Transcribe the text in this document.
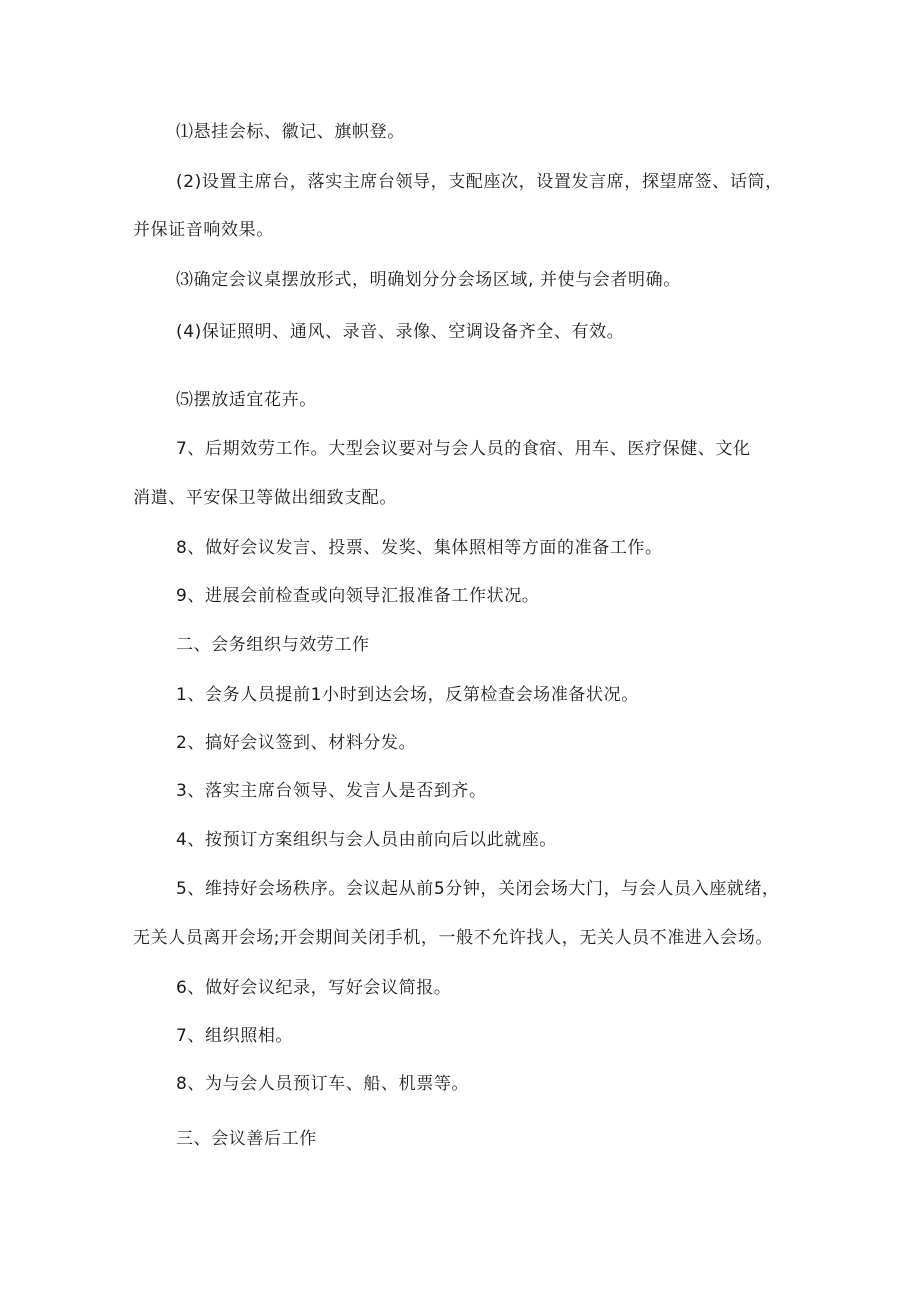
⑴悬挂会标、徽记、旗帜登。
(2)设置主席台，落实主席台领导，支配座次，设置发言席，探望席签、话筒，
并保证音响效果。
⑶确定会议桌摆放形式，明确划分分会场区域, 并使与会者明确。
(4)保证照明、通风、录音、录像、空调设备齐全、有效。
⑸摆放适宜花卉。
7、后期效劳工作。大型会议要对与会人员的食宿、用车、医疗保健、文化
消遣、平安保卫等做出细致支配。
8、做好会议发言、投票、发奖、集体照相等方面的准备工作。
9、进展会前检查或向领导汇报准备工作状况。
二、会务组织与效劳工作
1、会务人员提前1小时到达会场，反第检查会场准备状况。
2、搞好会议签到、材料分发。
3、落实主席台领导、发言人是否到齐。
4、按预订方案组织与会人员由前向后以此就座。
5、维持好会场秩序。会议起从前5分钟，关闭会场大门，与会人员入座就绪，
无关人员离开会场;开会期间关闭手机，一般不允许找人，无关人员不准进入会场。
6、做好会议纪录，写好会议简报。
7、组织照相。
8、为与会人员预订车、船、机票等。
三、会议善后工作
